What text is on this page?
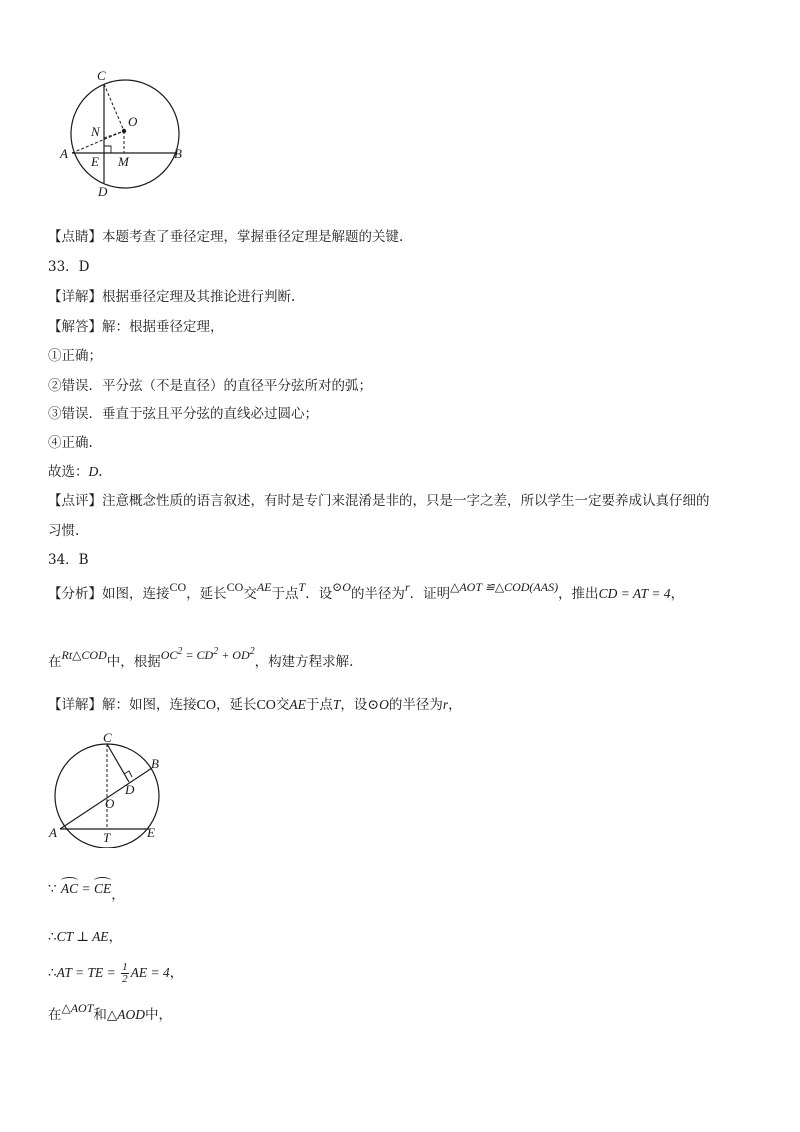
C
O
N
A
E M
B
D
【点睛】本题考查了垂径定理，掌握垂径定理是解题的关键.
33．D
【详解】根据垂径定理及其推论进行判断.
【解答】解：根据垂径定理，
①正确；
②错误．平分弦（不是直径）的直径平分弦所对的弧；
③错误．垂直于弦且平分弦的直线必过圆心；
④正确.
故选：D.
【点评】注意概念性质的语言叙述，有时是专门来混淆是非的，只是一字之差，所以学生一定要养成认真仔细的
习惯.
34．B
【分析】如图，连接CO，延长CO交AE于点T．设⊙O的半径为r．证明△AOT ≌△COD(AAS)，推出CD = AT = 4，
在Rt△COD中，根据$OC^2 = CD^2 + OD^2$，构建方程求解.
【详解】解：如图，连接CO，延长CO交AE于点T，设⊙O的半径为r，
C
B
D
O
A	T	E
∵ AC = CE，
∴CT ⊥ AE，
∴AT = TE = $\frac{1}{2}$ AE = 4，
在△AOT和△AOD中，
